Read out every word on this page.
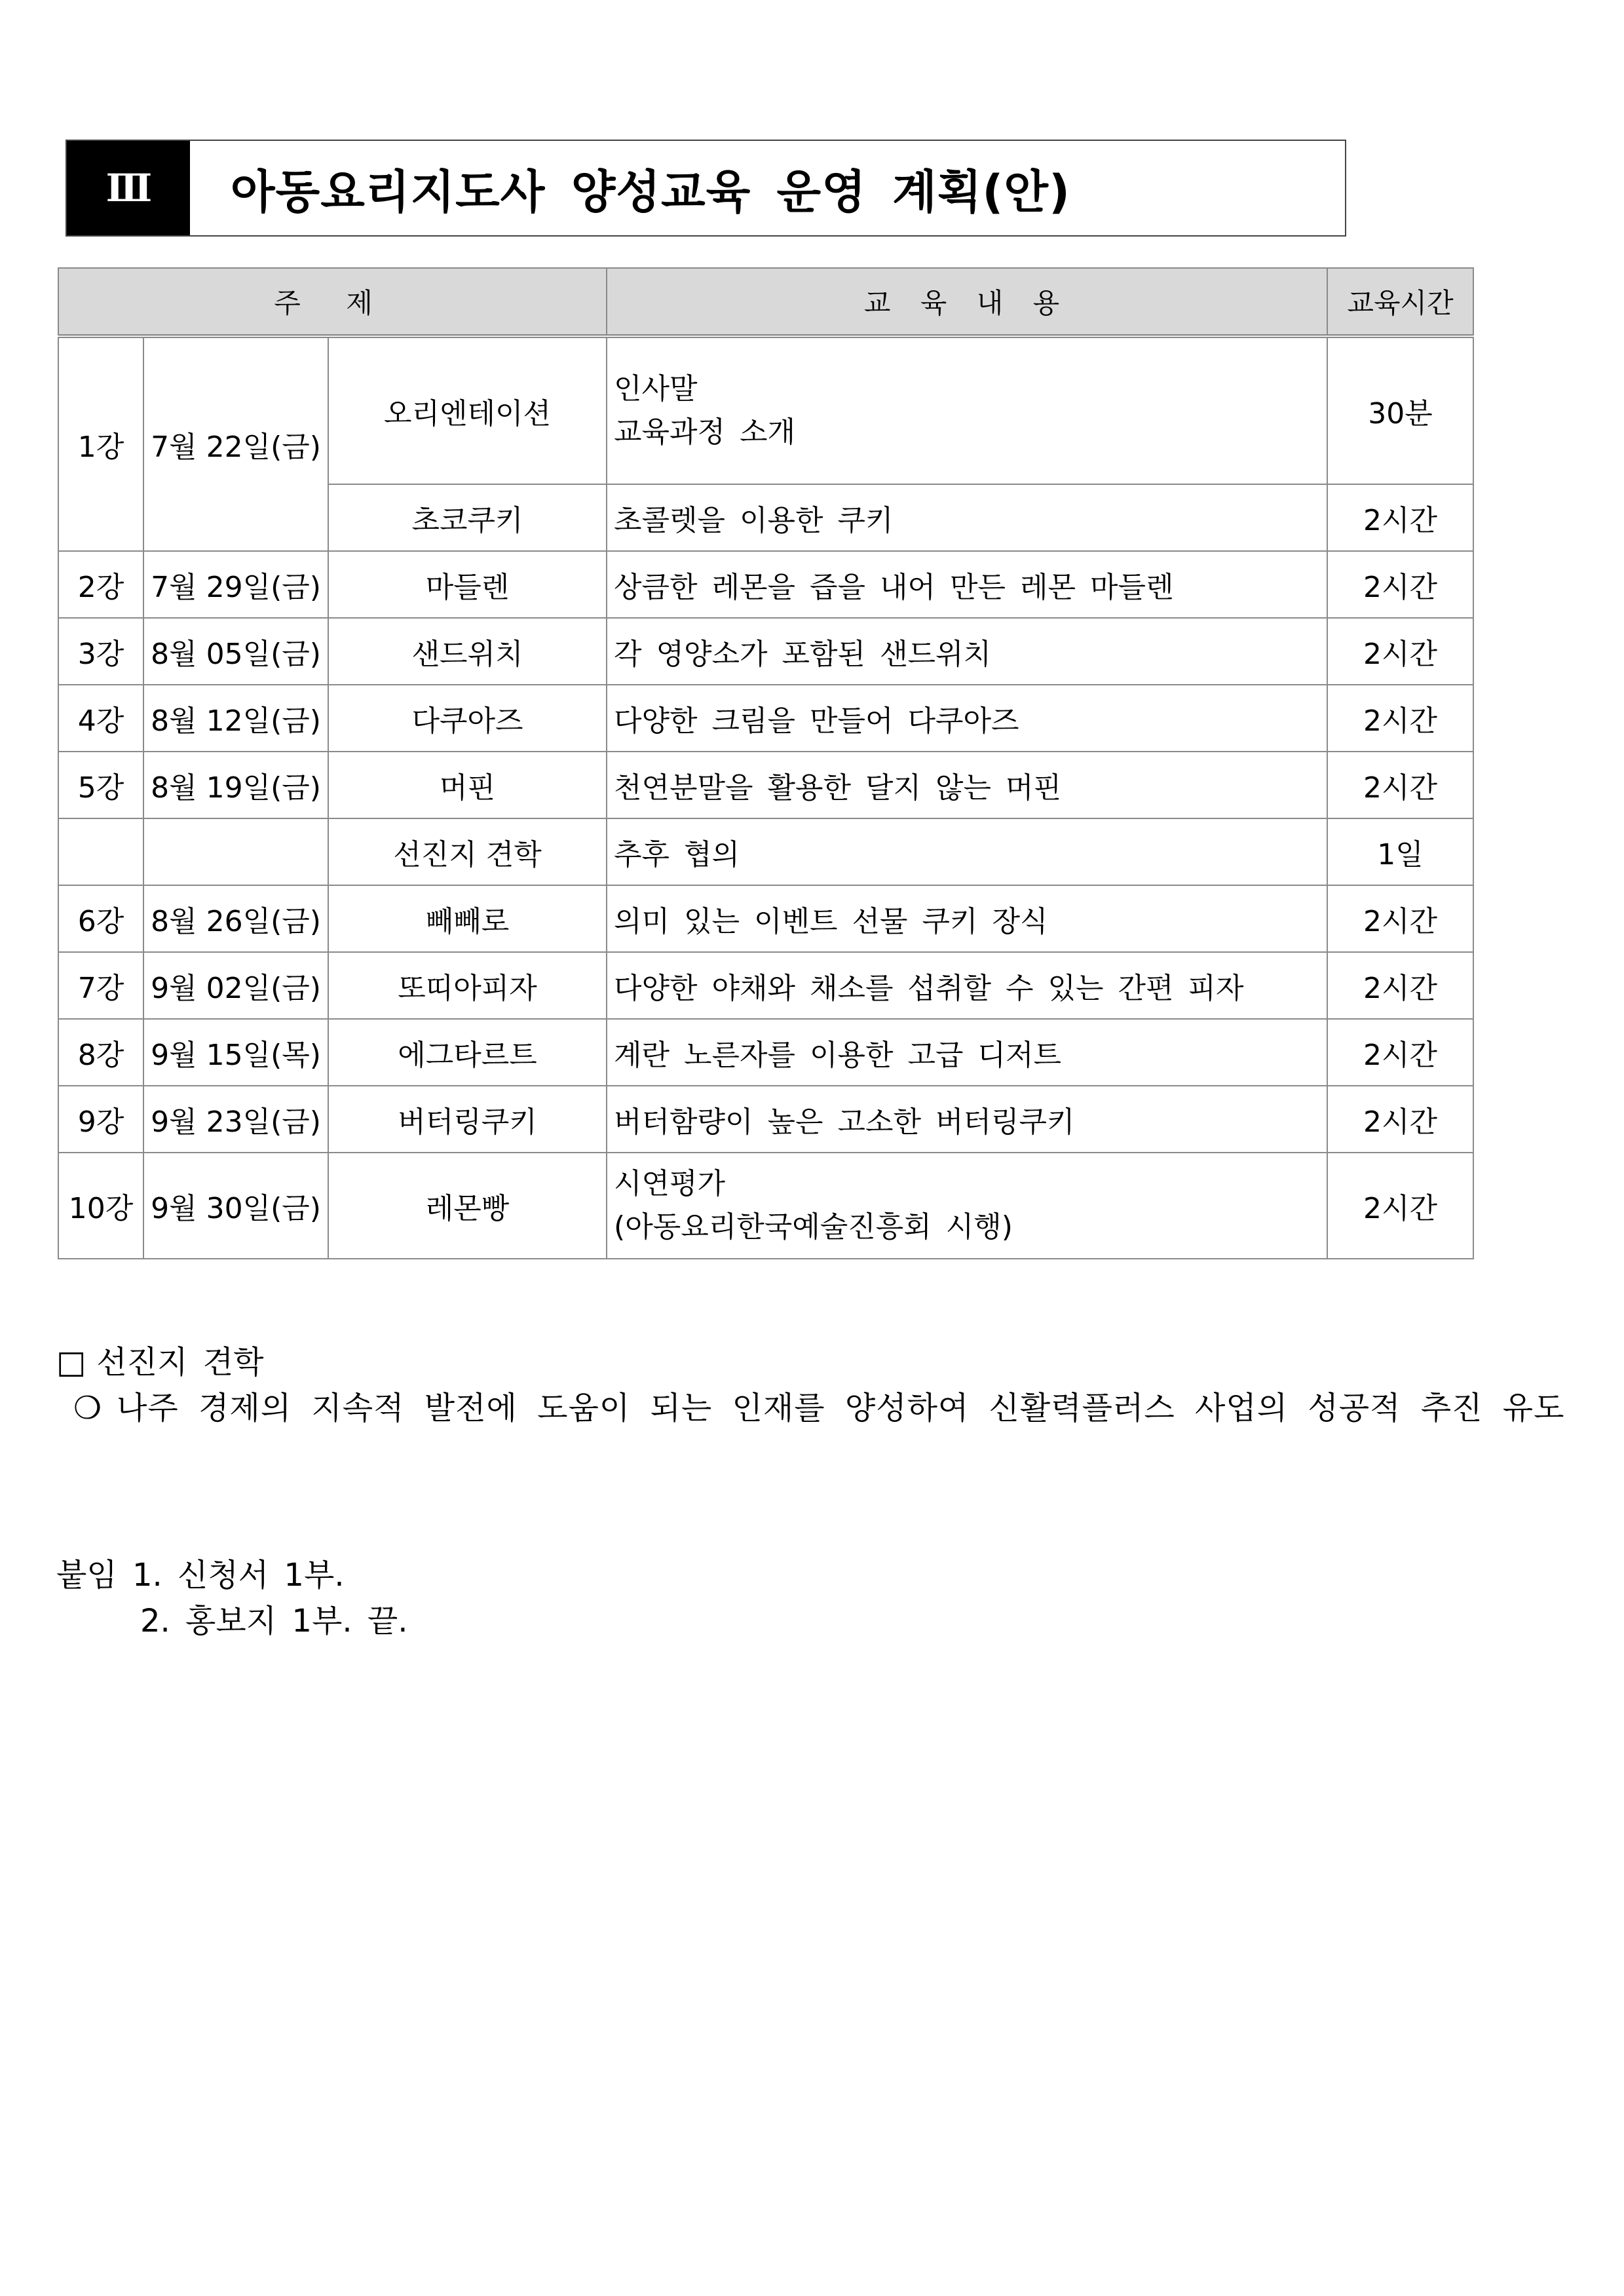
Ⅲ	아동요리지도사 양성교육 운영 계획(안)
주 제			교 육 내 용	교육시간
1강	7월 22일(금)	오리엔테이션	인사말
교육과정 소개	30분
		초코쿠키	초콜렛을 이용한 쿠키	2시간
2강	7월 29일(금)	마들렌	상큼한 레몬을 즙을 내어 만든 레몬 마들렌	2시간
3강	8월 05일(금)	샌드위치	각 영양소가 포함된 샌드위치	2시간
4강	8월 12일(금)	다쿠아즈	다양한 크림을 만들어 다쿠아즈	2시간
5강	8월 19일(금)	머핀	천연분말을 활용한 달지 않는 머핀	2시간
		선진지 견학	추후 협의	1일
6강	8월 26일(금)	빼빼로	의미 있는 이벤트 선물 쿠키 장식	2시간
7강	9월 02일(금)	또띠아피자	다양한 야채와 채소를 섭취할 수 있는 간편 피자	2시간
8강	9월 15일(목)	에그타르트	계란 노른자를 이용한 고급 디저트	2시간
9강	9월 23일(금)	버터링쿠키	버터함량이 높은 고소한 버터링쿠키	2시간
10강	9월 30일(금)	레몬빵	시연평가
(아동요리한국예술진흥회 시행)	2시간
□ 선진지 견학
❍ 나주 경제의 지속적 발전에 도움이 되는 인재를 양성하여 신활력플러스 사업의 성공적 추진 유도
붙임 1. 신청서 1부.
2. 홍보지 1부. 끝.
